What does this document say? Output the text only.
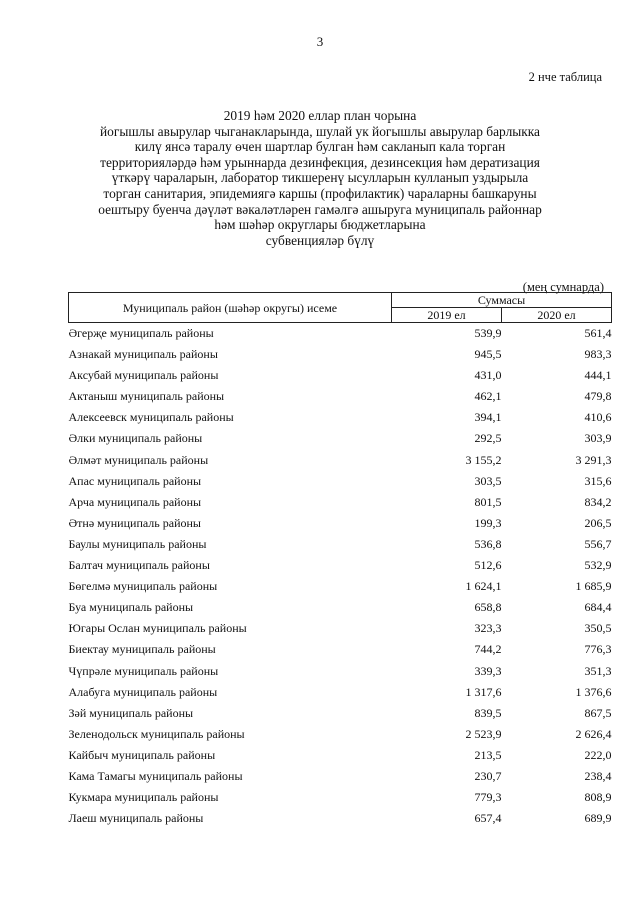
3
2 нче таблица
2019 һәм 2020 еллар план чорына
йогышлы авырулар чыганакларында, шулай ук йогышлы авырулар барлыкка
килү янсә таралу өчен шартлар булган һәм сакланып кала торган
территорияләрдә һәм урыннарда дезинфекция, дезинсекция һәм дератизация
үткәрү чараларын, лаборатор тикшеренү ысулларын кулланып уздырыла
торган санитария, эпидемиягә каршы (профилактик) чараларны башкаруны
оештыру буенча дәүләт вәкаләтләрен гамәлгә ашыруга муниципаль районнар
һәм шәһәр округлары бюджетларына
субвенцияләр бүлү
(мең сумнарда)
Муниципаль район (шәһәр округы) исеме	Суммасы	
	2019 ел	2020 ел
Әгерҗе муниципаль районы	539,9	561,4
Азнакай муниципаль районы	945,5	983,3
Аксубай муниципаль районы	431,0	444,1
Актаныш муниципаль районы	462,1	479,8
Алексеевск муниципаль районы	394,1	410,6
Әлки муниципаль районы	292,5	303,9
Әлмәт муниципаль районы	3 155,2	3 291,3
Апас муниципаль районы	303,5	315,6
Арча муниципаль районы	801,5	834,2
Әтнә муниципаль районы	199,3	206,5
Баулы муниципаль районы	536,8	556,7
Балтач муниципаль районы	512,6	532,9
Бөгелмә муниципаль районы	1 624,1	1 685,9
Буа муниципаль районы	658,8	684,4
Югары Ослан муниципаль районы	323,3	350,5
Биектау муниципаль районы	744,2	776,3
Чүпрәле муниципаль районы	339,3	351,3
Алабуга муниципаль районы	1 317,6	1 376,6
Зәй муниципаль районы	839,5	867,5
Зеленодольск муниципаль районы	2 523,9	2 626,4
Кайбыч муниципаль районы	213,5	222,0
Кама Тамагы муниципаль районы	230,7	238,4
Кукмара муниципаль районы	779,3	808,9
Лаеш муниципаль районы	657,4	689,9
